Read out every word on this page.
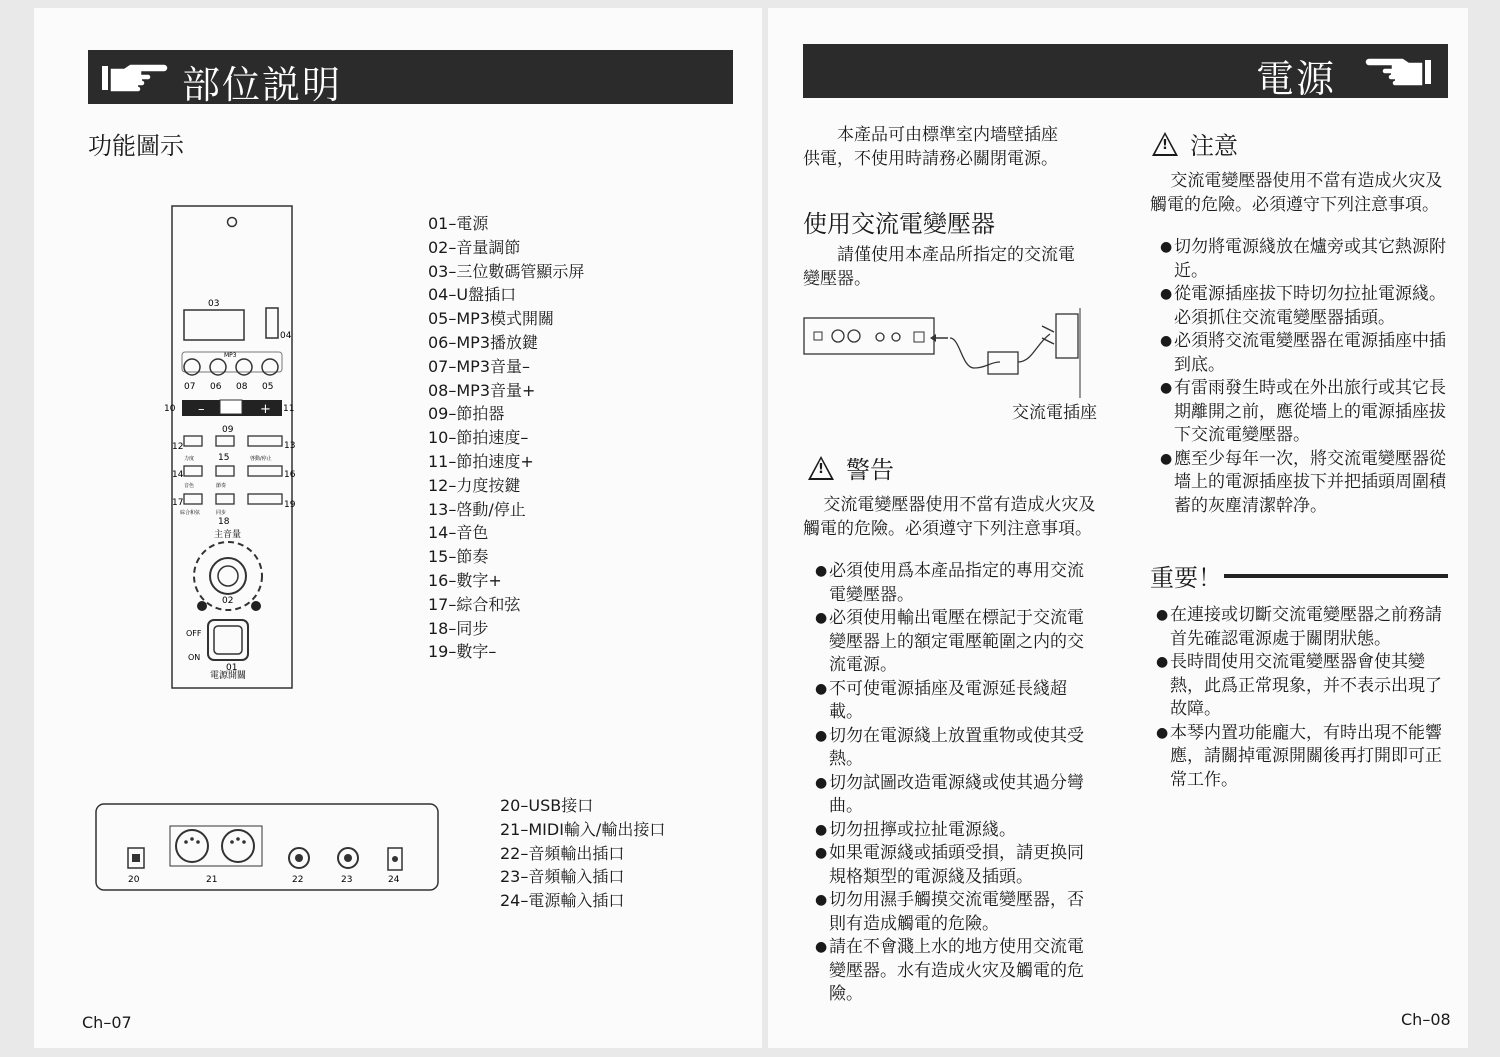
部位説明
功能圖示
03
04
MP3
07 06 08 05
–	+
10	11
09
12
15
13
力度	啓動/停止
14	16
音色	節奏
17	19
綜合和弦	同步
18
主音量
02
OFF
ON
01
電源開關
01–電源
02–音量調節
03–三位數碼管顯示屏
04–U盤插口
05–MP3模式開關
06–MP3播放鍵
07–MP3音量–
08–MP3音量+
09–節拍器
10–節拍速度–
11–節拍速度+
12–力度按鍵
13–啓動/停止
14–音色
15–節奏
16–數字+
17–綜合和弦
18–同步
19–數字–
20	21	22	23	24
20–USB接口
21–MIDI輸入/輸出接口
22–音頻輸出插口
23–音頻輸入插口
24–電源輸入插口
Ch–07
電源
本產品可由標準室内墻壁插座供電，不使用時請務必關閉電源。
使用交流電變壓器
請僅使用本產品所指定的交流電變壓器。
交流電插座
!警告
交流電變壓器使用不當有造成火灾及觸電的危險。必須遵守下列注意事項。
● 必須使用爲本產品指定的專用交流電變壓器。
● 必須使用輸出電壓在標記于交流電變壓器上的額定電壓範圍之内的交流電源。
● 不可使電源插座及電源延長綫超載。
● 切勿在電源綫上放置重物或使其受熱。
● 切勿試圖改造電源綫或使其過分彎曲。
● 切勿扭擰或拉扯電源綫。
● 如果電源綫或插頭受損，請更换同規格類型的電源綫及插頭。
● 切勿用濕手觸摸交流電變壓器，否則有造成觸電的危險。
● 請在不會濺上水的地方使用交流電變壓器。水有造成火灾及觸電的危險。
!注意
交流電變壓器使用不當有造成火灾及觸電的危險。必須遵守下列注意事項。
● 切勿將電源綫放在爐旁或其它熱源附近。
● 從電源插座拔下時切勿拉扯電源綫。必須抓住交流電變壓器插頭。
● 必須將交流電變壓器在電源插座中插到底。
● 有雷雨發生時或在外出旅行或其它長期離開之前，應從墻上的電源插座拔下交流電變壓器。
● 應至少每年一次，將交流電變壓器從墻上的電源插座拔下并把插頭周圍積蓄的灰塵清潔幹净。
重要！
● 在連接或切斷交流電變壓器之前務請首先確認電源處于關閉狀態。
● 長時間使用交流電變壓器會使其變熱，此爲正常現象，并不表示出現了故障。
● 本琴内置功能龐大，有時出現不能響應，請關掉電源開關後再打開即可正常工作。
Ch–08
